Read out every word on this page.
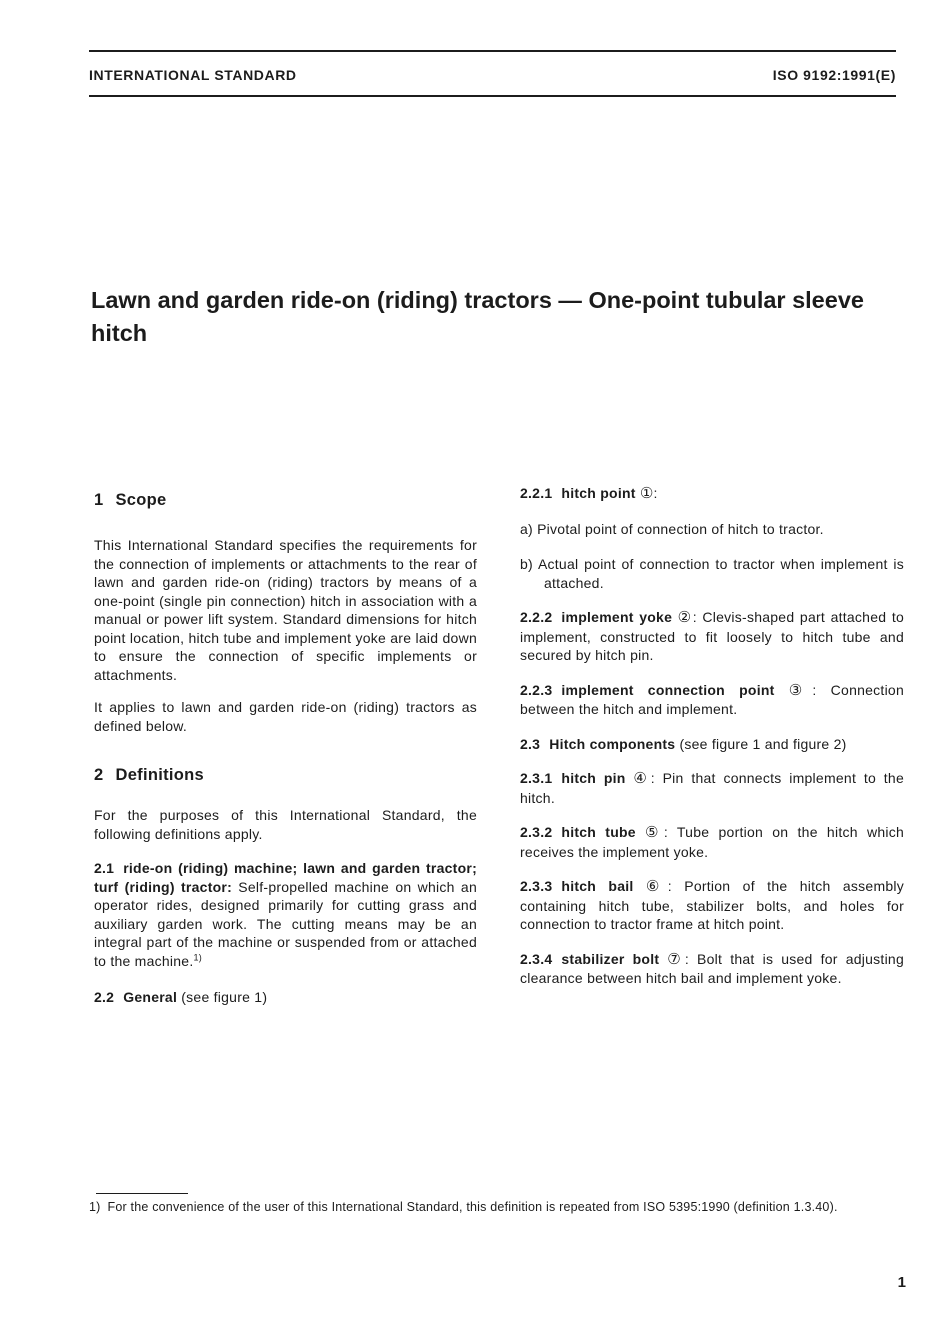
INTERNATIONAL STANDARD	ISO 9192:1991(E)
Lawn and garden ride-on (riding) tractors — One-point tubular sleeve hitch
1 Scope

This International Standard specifies the requirements for the connection of implements or attachments to the rear of lawn and garden ride-on (riding) tractors by means of a one-point (single pin connection) hitch in association with a manual or power lift system. Standard dimensions for hitch point location, hitch tube and implement yoke are laid down to ensure the connection of specific implements or attachments.

It applies to lawn and garden ride-on (riding) tractors as defined below.

2 Definitions

For the purposes of this International Standard, the following definitions apply.

2.1 ride-on (riding) machine; lawn and garden tractor; turf (riding) tractor: Self-propelled machine on which an operator rides, designed primarily for cutting grass and auxiliary garden work. The cutting means may be an integral part of the machine or suspended from or attached to the machine.$^{1)}$

2.2 General (see figure 1)

2.2.1 hitch point ①:

a) Pivotal point of connection of hitch to tractor.

b) Actual point of connection to tractor when implement is attached.

2.2.2 implement yoke ②: Clevis-shaped part attached to implement, constructed to fit loosely to hitch tube and secured by hitch pin.

2.2.3 implement connection point ③: Connection between the hitch and implement.

2.3 Hitch components (see figure 1 and figure 2)

2.3.1 hitch pin ④: Pin that connects implement to the hitch.

2.3.2 hitch tube ⑤: Tube portion on the hitch which receives the implement yoke.

2.3.3 hitch bail ⑥: Portion of the hitch assembly containing hitch tube, stabilizer bolts, and holes for connection to tractor frame at hitch point.

2.3.4 stabilizer bolt ⑦: Bolt that is used for adjusting clearance between hitch bail and implement yoke.

1) For the convenience of the user of this International Standard, this definition is repeated from ISO 5395:1990 (definition 1.3.40).

1
